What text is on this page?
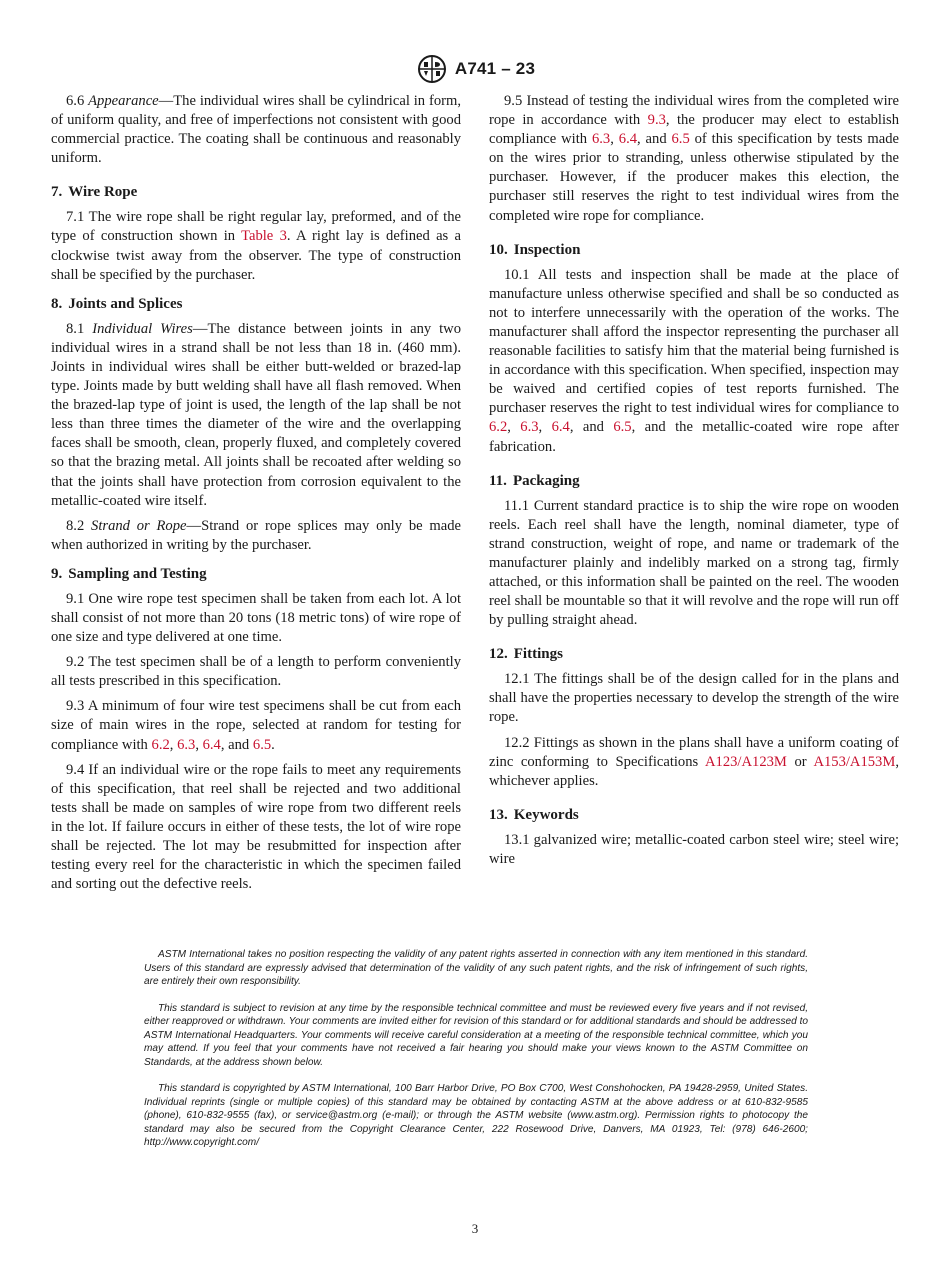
A741 – 23

6.6 Appearance—The individual wires shall be cylindrical in form, of uniform quality, and free of imperfections not consistent with good commercial practice. The coating shall be continuous and reasonably uniform.

7. Wire Rope

7.1 The wire rope shall be right regular lay, preformed, and of the type of construction shown in Table 3. A right lay is defined as a clockwise twist away from the observer. The type of construction shall be specified by the purchaser.

8. Joints and Splices

8.1 Individual Wires—The distance between joints in any two individual wires in a strand shall be not less than 18 in. (460 mm). Joints in individual wires shall be either butt-welded or brazed-lap type. Joints made by butt welding shall have all flash removed. When the brazed-lap type of joint is used, the length of the lap shall be not less than three times the diameter of the wire and the overlapping faces shall be smooth, clean, properly fluxed, and completely covered so that the brazing metal. All joints shall be recoated after welding so that the joints shall have protection from corrosion equivalent to the metallic-coated wire itself.

8.2 Strand or Rope—Strand or rope splices may only be made when authorized in writing by the purchaser.

9. Sampling and Testing

9.1 One wire rope test specimen shall be taken from each lot. A lot shall consist of not more than 20 tons (18 metric tons) of wire rope of one size and type delivered at one time.

9.2 The test specimen shall be of a length to perform conveniently all tests prescribed in this specification.

9.3 A minimum of four wire test specimens shall be cut from each size of main wires in the rope, selected at random for testing for compliance with 6.2, 6.3, 6.4, and 6.5.

9.4 If an individual wire or the rope fails to meet any requirements of this specification, that reel shall be rejected and two additional tests shall be made on samples of wire rope from two different reels in the lot. If failure occurs in either of these tests, the lot of wire rope shall be rejected. The lot may be resubmitted for inspection after testing every reel for the characteristic in which the specimen failed and sorting out the defective reels.

9.5 Instead of testing the individual wires from the completed wire rope in accordance with 9.3, the producer may elect to establish compliance with 6.3, 6.4, and 6.5 of this specification by tests made on the wires prior to stranding, unless otherwise stipulated by the purchaser. However, if the producer makes this election, the purchaser still reserves the right to test individual wires from the completed wire rope for compliance.

10. Inspection

10.1 All tests and inspection shall be made at the place of manufacture unless otherwise specified and shall be so conducted as not to interfere unnecessarily with the operation of the works. The manufacturer shall afford the inspector representing the purchaser all reasonable facilities to satisfy him that the material being furnished is in accordance with this specification. When specified, inspection may be waived and certified copies of test reports furnished. The purchaser reserves the right to test individual wires for compliance to 6.2, 6.3, 6.4, and 6.5, and the metallic-coated wire rope after fabrication.

11. Packaging

11.1 Current standard practice is to ship the wire rope on wooden reels. Each reel shall have the length, nominal diameter, type of strand construction, weight of rope, and name or trademark of the manufacturer plainly and indelibly marked on a strong tag, firmly attached, or this information shall be painted on the reel. The wooden reel shall be mountable so that it will revolve and the rope will run off by pulling straight ahead.

12. Fittings

12.1 The fittings shall be of the design called for in the plans and shall have the properties necessary to develop the strength of the wire rope.

12.2 Fittings as shown in the plans shall have a uniform coating of zinc conforming to Specifications A123/A123M or A153/A153M, whichever applies.

13. Keywords

13.1 galvanized wire; metallic-coated carbon steel wire; steel wire; wire

ASTM International takes no position respecting the validity of any patent rights asserted in connection with any item mentioned in this standard. Users of this standard are expressly advised that determination of the validity of any such patent rights, and the risk of infringement of such rights, are entirely their own responsibility.

This standard is subject to revision at any time by the responsible technical committee and must be reviewed every five years and if not revised, either reapproved or withdrawn. Your comments are invited either for revision of this standard or for additional standards and should be addressed to ASTM International Headquarters. Your comments will receive careful consideration at a meeting of the responsible technical committee, which you may attend. If you feel that your comments have not received a fair hearing you should make your views known to the ASTM Committee on Standards, at the address shown below.

This standard is copyrighted by ASTM International, 100 Barr Harbor Drive, PO Box C700, West Conshohocken, PA 19428-2959, United States. Individual reprints (single or multiple copies) of this standard may be obtained by contacting ASTM at the above address or at 610-832-9585 (phone), 610-832-9555 (fax), or service@astm.org (e-mail); or through the ASTM website (www.astm.org). Permission rights to photocopy the standard may also be secured from the Copyright Clearance Center, 222 Rosewood Drive, Danvers, MA 01923, Tel: (978) 646-2600; http://www.copyright.com/

3
